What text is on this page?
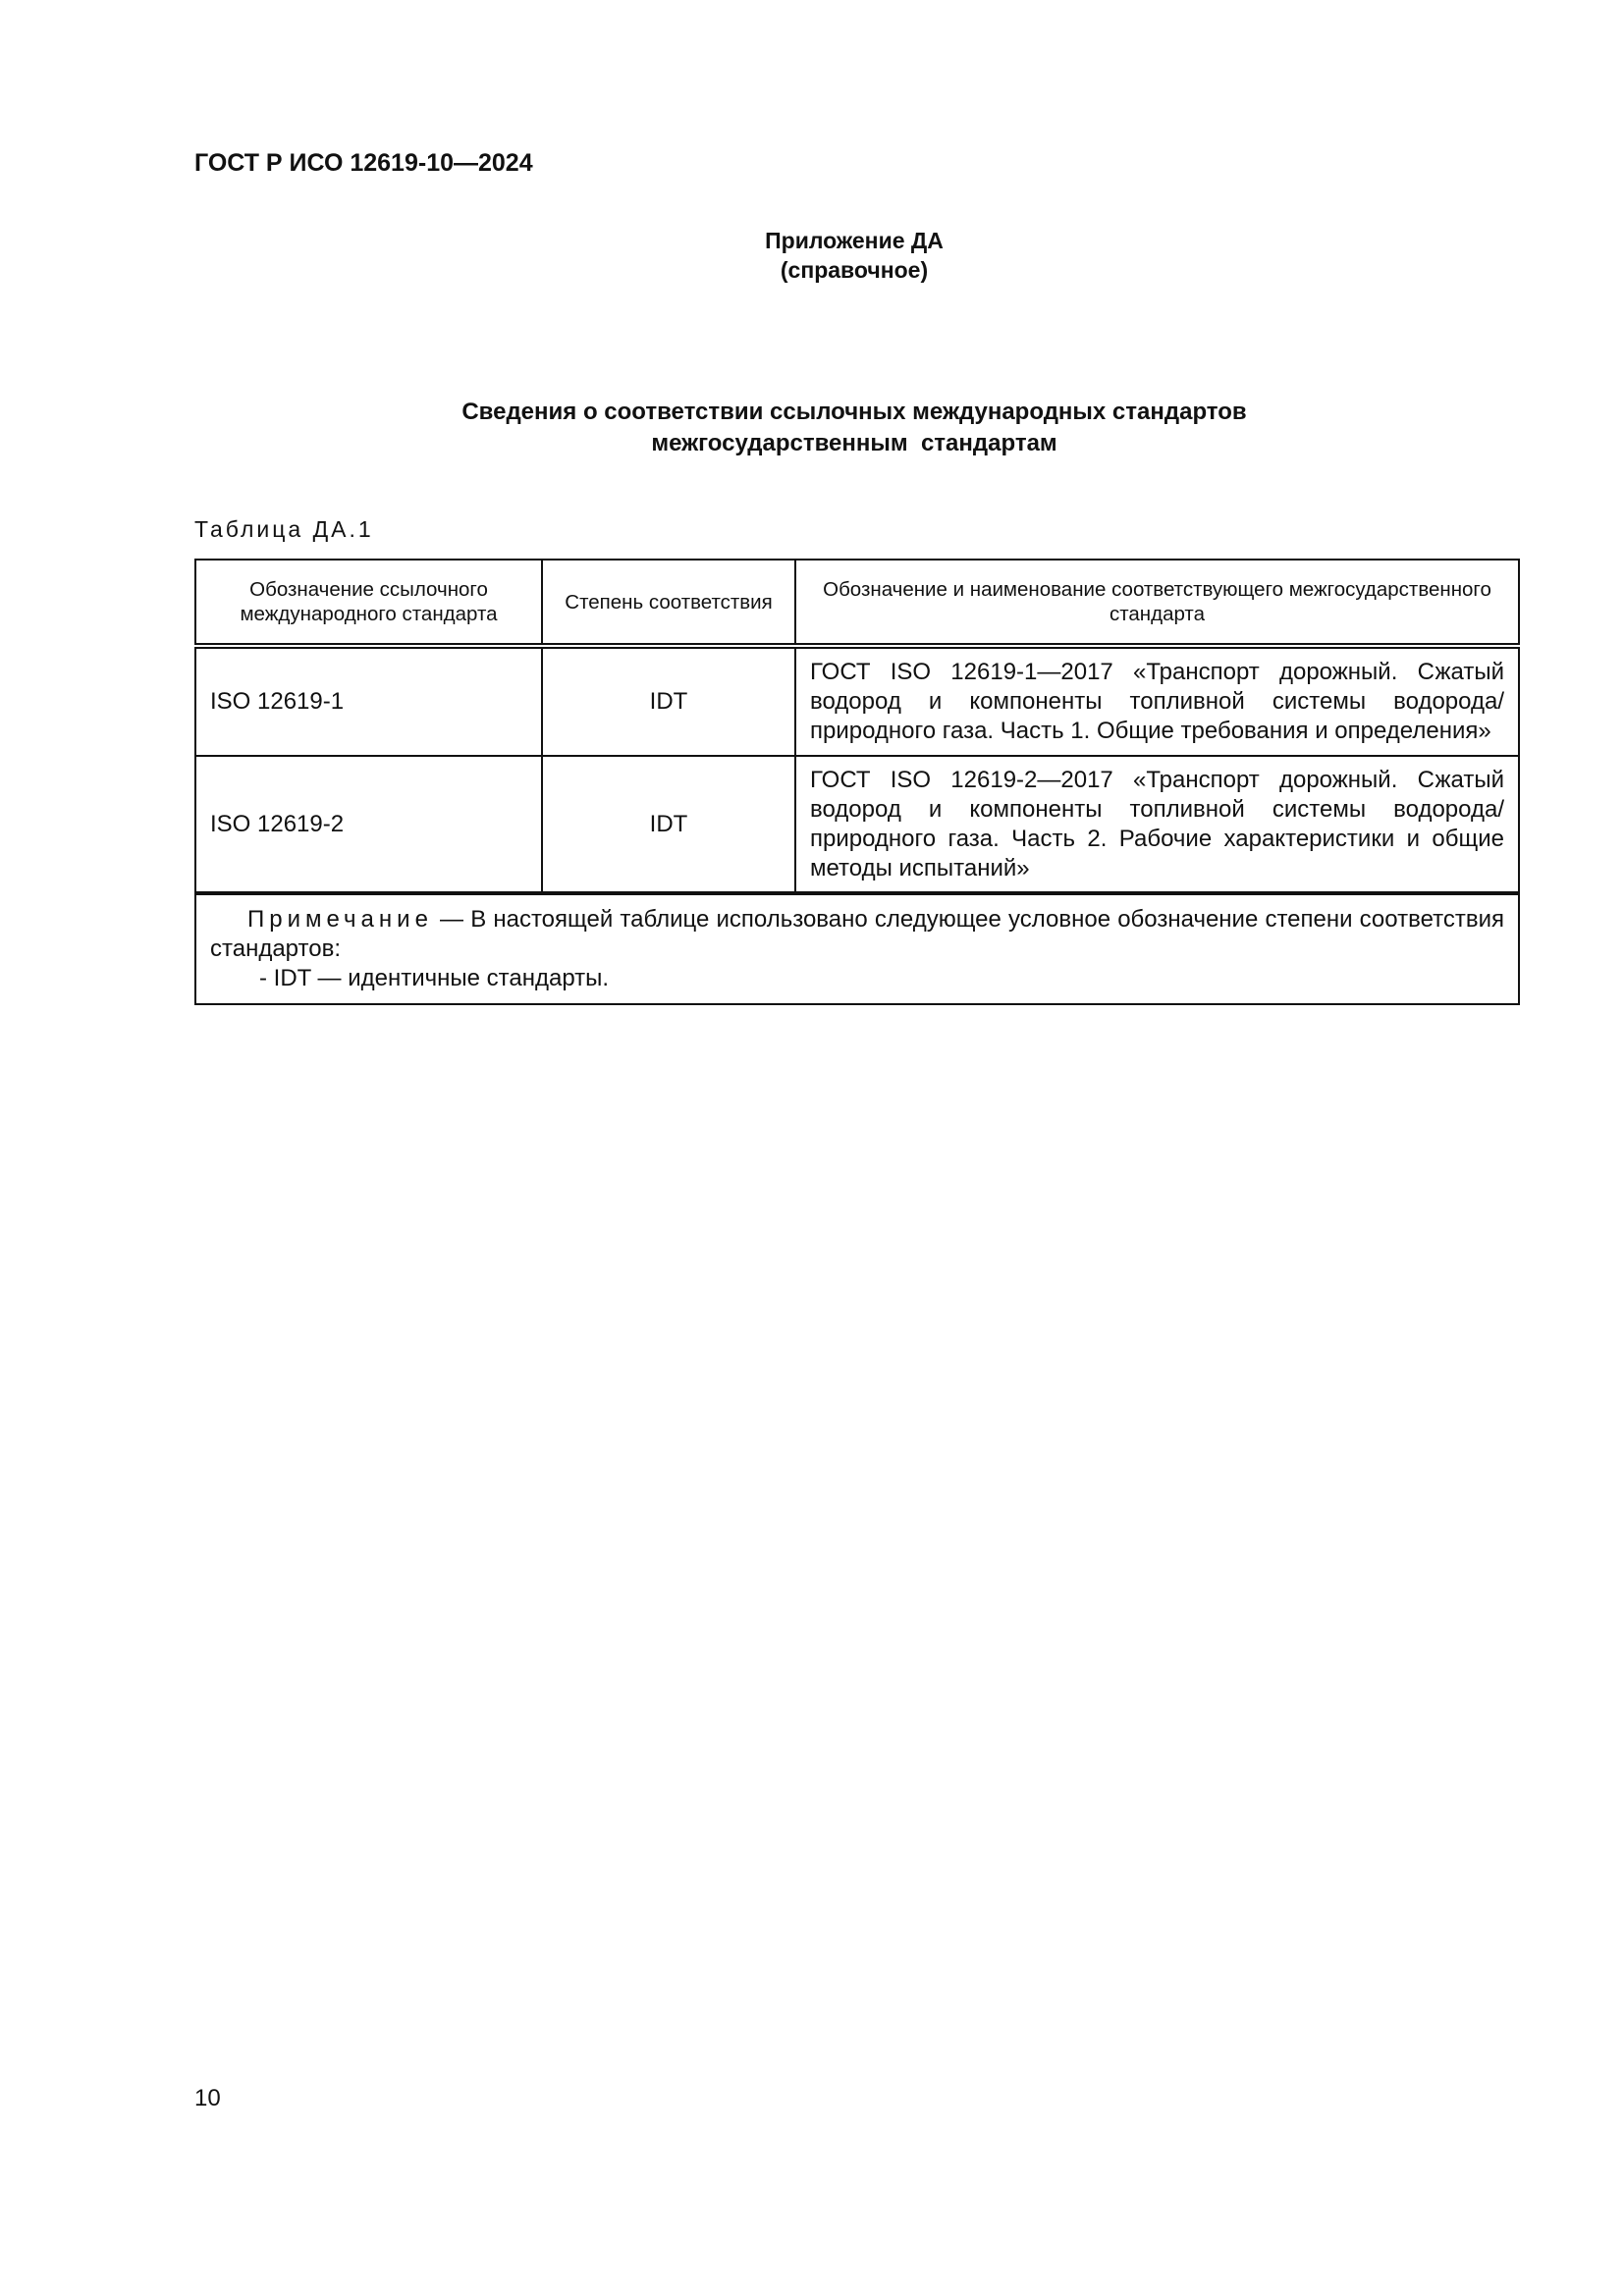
ГОСТ Р ИСО 12619-10—2024
Приложение ДА
(справочное)
Сведения о соответствии ссылочных международных стандартов
межгосударственным  стандартам
Таблица ДА.1
Обозначение ссылочного международного стандарта	Степень соответствия	Обозначение и наименование соответствующего межгосударственного стандарта
ISO 12619-1	IDT	ГОСТ ISO 12619-1—2017 «Транспорт дорожный. Сжатый водород и компоненты топливной системы водорода/природного газа. Часть 1. Общие требования и определения»
ISO 12619-2	IDT	ГОСТ ISO 12619-2—2017 «Транспорт дорожный. Сжатый водород и компоненты топливной системы водорода/природного газа. Часть 2. Рабочие характеристики и общие методы испытаний»

Примечание — В настоящей таблице использовано следующее условное обозначение степени соответствия стандартов:
- IDT — идентичные стандарты.		
10
